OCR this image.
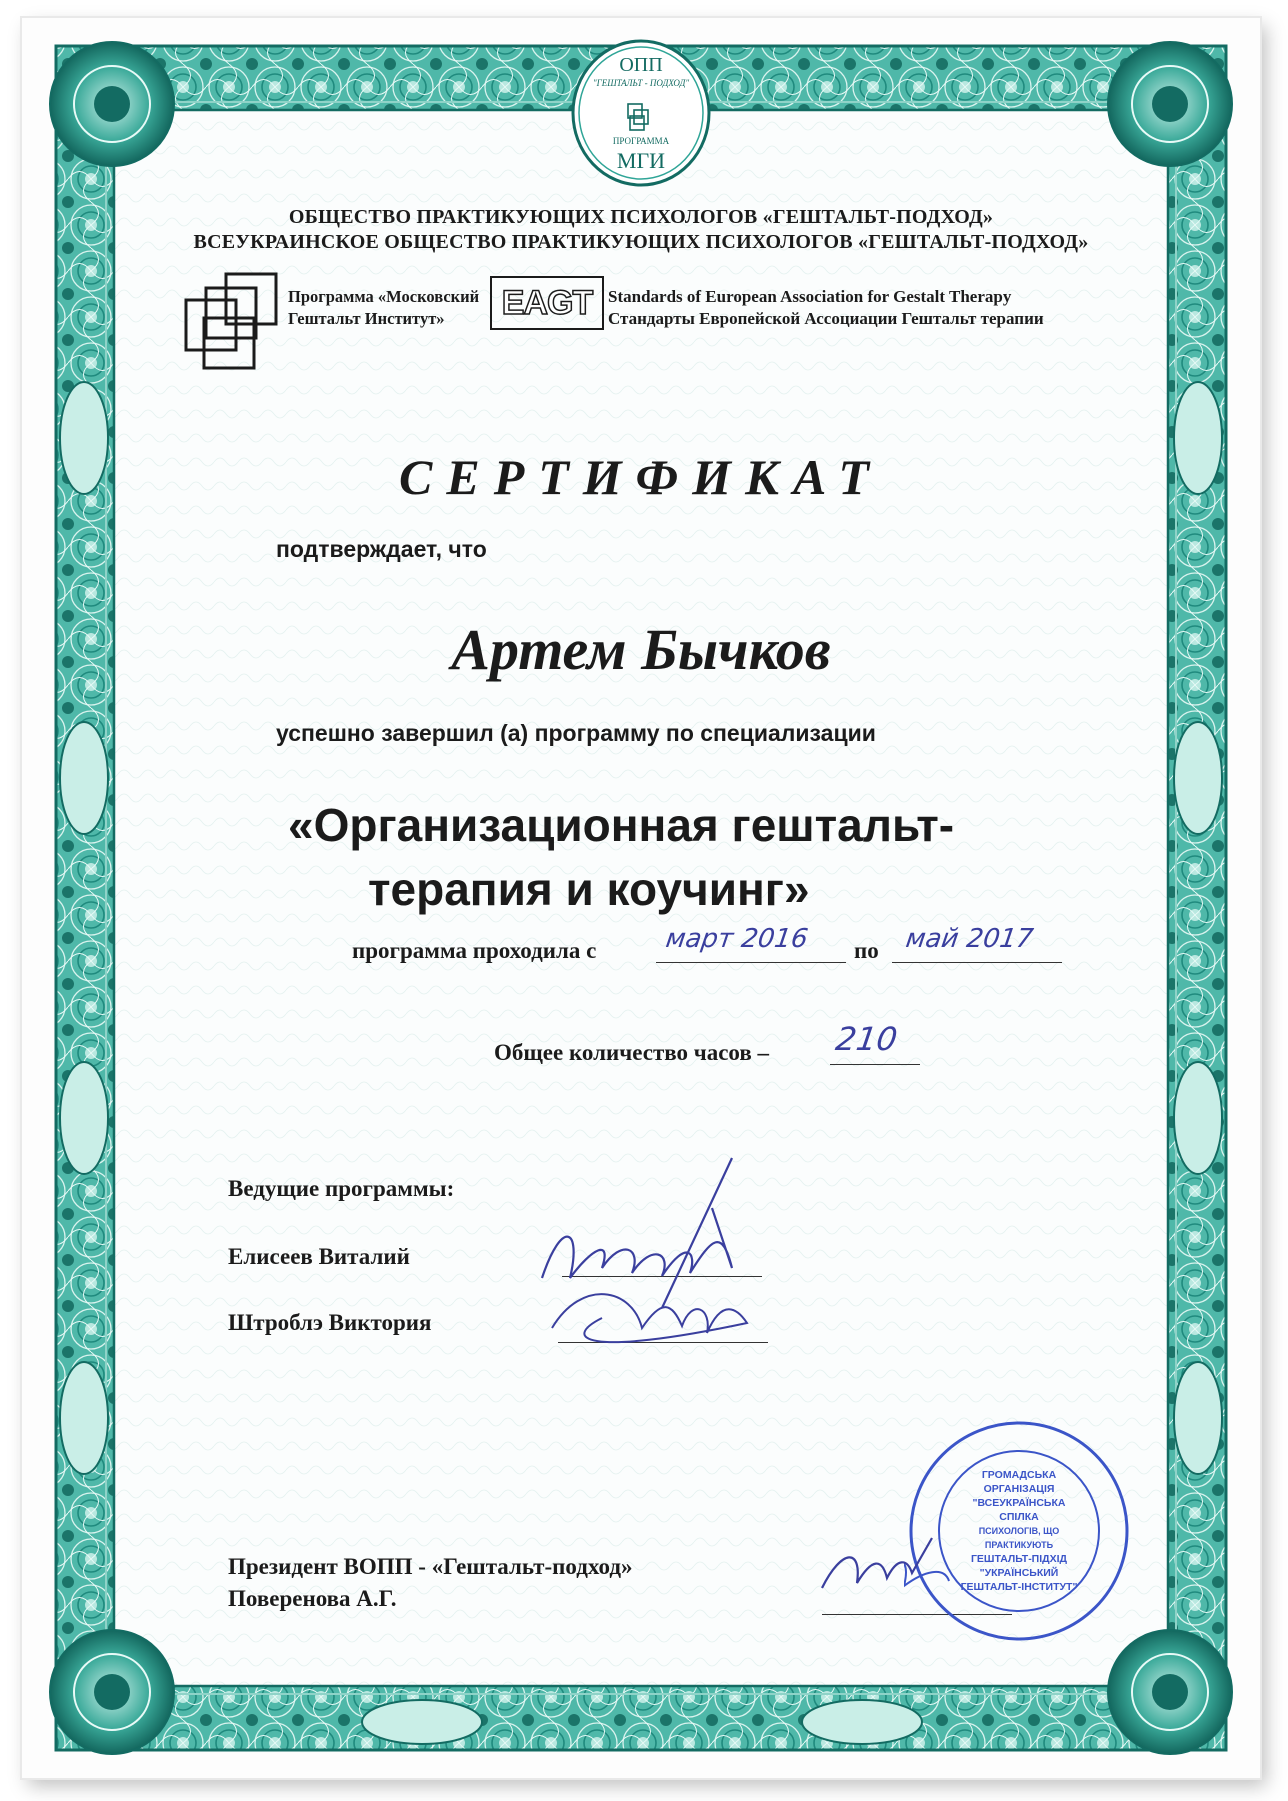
ОПП
"ГЕШТАЛЬТ - ПОДХОД"
ПРОГРАММА
МГИ
ОБЩЕСТВО ПРАКТИКУЮЩИХ ПСИХОЛОГОВ «ГЕШТАЛЬТ-ПОДХОД»
ВСЕУКРАИНСКОЕ ОБЩЕСТВО ПРАКТИКУЮЩИХ ПСИХОЛОГОВ «ГЕШТАЛЬТ-ПОДХОД»
Программа «Московский
Гештальт Институт» EAGT Standards of European Association for Gestalt Therapy
Стандарты Европейской Ассоциации Гештальт терапии
СЕРТИФИКАТ
подтверждает, что
Артем Бычков
успешно завершил (а) программу по специализации
«Организационная гештальт-
терапия и коучинг»
программа проходила с	март 2016 по май 2017
Общее количество часов – 210
Ведущие программы:
Елисеев Виталий
Штроблэ Виктория
Президент ВОПП - «Гештальт-подход»
Поверенова А.Г.
ГРОМАДСЬКА
ОРГАНІЗАЦІЯ
"ВСЕУКРАЇНСЬКА СПІЛКА
ПСИХОЛОГІВ, ЩО ПРАКТИКУЮТЬ
ГЕШТАЛЬТ-ПІДХІД
"УКРАЇНСЬКИЙ
ГЕШТАЛЬТ-ІНСТИТУТ"
